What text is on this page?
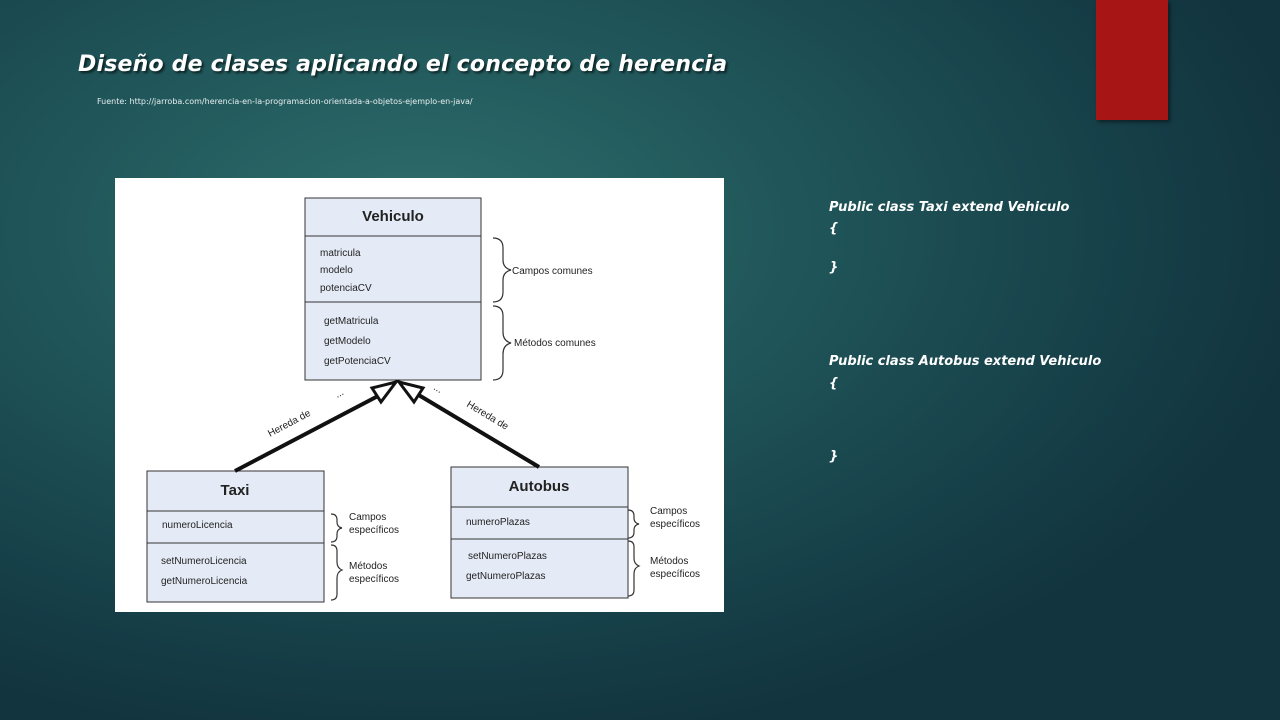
Diseño de clases aplicando el concepto de herencia

Fuente: http://jarroba.com/herencia-en-la-programacion-orientada-a-objetos-ejemplo-en-java/

Vehiculo
matricula
modelo
potenciaCV
getMatricula
getModelo
getPotenciaCV
Campos comunes
Métodos comunes
Taxi
numeroLicencia
setNumeroLicencia
getNumeroLicencia
Campos
específicos
Métodos
específicos
Autobus
numeroPlazas
setNumeroPlazas
getNumeroPlazas
Campos
específicos
Métodos
específicos
Hereda de	Hereda de
...	...
Public class Taxi extend Vehiculo
{
}
Public class Autobus extend Vehiculo
{
}
